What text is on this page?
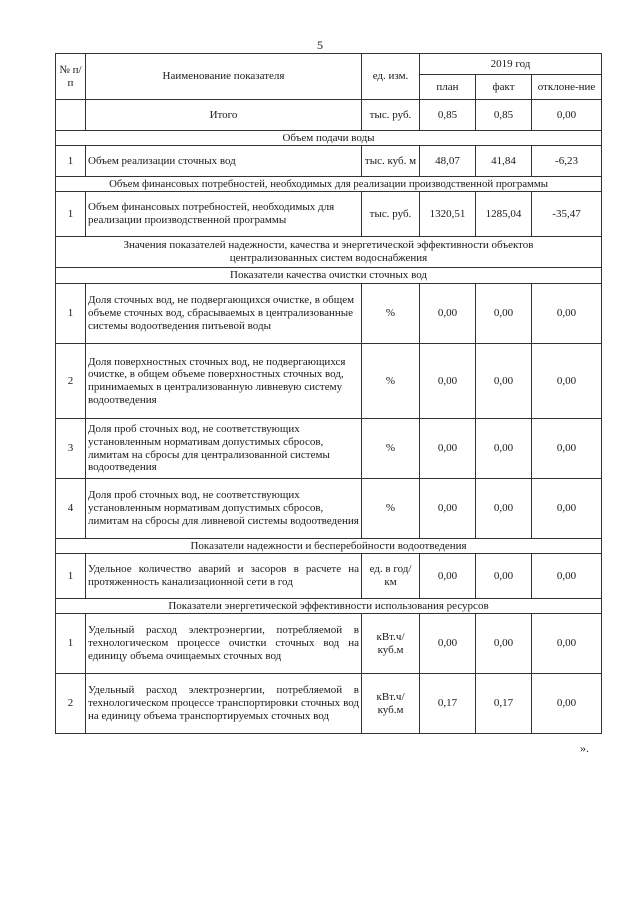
5
№ п/п	Наименование показателя	ед. изм.	2019 год		
			план	факт	отклоне-ние
	Итого	тыс. руб.	0,85	0,85	0,00
Объем подачи воды					
1	Объем реализации сточных вод	тыс. куб. м	48,07	41,84	-6,23
Объем финансовых потребностей, необходимых для реализации производственной программы					
1	Объем финансовых потребностей, необходимых для реализации производственной программы	тыс. руб.	1320,51	1285,04	-35,47
Значения показателей надежности, качества и энергетической эффективности объектов централизованных систем водоснабжения					
Показатели качества очистки сточных вод					
1	Доля сточных вод, не подвергающихся очистке, в общем объеме сточных вод, сбрасываемых в централизованные системы водоотведения питьевой воды	%	0,00	0,00	0,00
2	Доля поверхностных сточных вод, не подвергающихся очистке, в общем объеме поверхностных сточных вод, принимаемых в централизованную ливневую систему водоотведения	%	0,00	0,00	0,00
3	Доля проб сточных вод, не соответствующих установленным нормативам допустимых сбросов, лимитам на сбросы для централизованной системы водоотведения	%	0,00	0,00	0,00
4	Доля проб сточных вод, не соответствующих установленным нормативам допустимых сбросов, лимитам на сбросы для ливневой системы водоотведения	%	0,00	0,00	0,00
Показатели надежности и бесперебойности водоотведения					
1	Удельное количество аварий и засоров в расчете на протяженность канализационной сети в год	ед. в год/ км	0,00	0,00	0,00
Показатели энергетической эффективности использования ресурсов					
1	Удельный расход электроэнергии, потребляемой в технологическом процессе очистки сточных вод на единицу объема очищаемых сточных вод	кВт.ч/ куб.м	0,00	0,00	0,00
2	Удельный расход электроэнергии, потребляемой в технологическом процессе транспортировки сточных вод на единицу объема транспортируемых сточных вод	кВт.ч/ куб.м	0,17	0,17	0,00
».
